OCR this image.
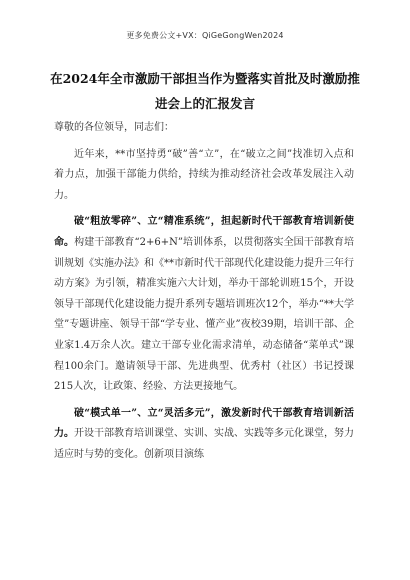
更多免费公文+VX：QiGeGongWen2024
在2024年全市激励干部担当作为暨落实首批及时激励推进会上的汇报发言

尊敬的各位领导，同志们：

近年来，**市坚持勇“破”善“立”，在“破立之间”找准切入点和着力点，加强干部能力供给，持续为推动经济社会改革发展注入动力。

破“粗放零碎”、立“精准系统”，担起新时代干部教育培训新使命。构建干部教育“2+6+N”培训体系，以贯彻落实全国干部教育培训规划《实施办法》和《**市新时代干部现代化建设能力提升三年行动方案》为引领，精准实施六大计划，举办干部轮训班15个，开设领导干部现代化建设能力提升系列专题培训班次12个，举办“**大学堂”专题讲座、领导干部“学专业、懂产业”夜校39期，培训干部、企业家1.4万余人次。建立干部专业化需求清单，动态储备“菜单式”课程100余门。邀请领导干部、先进典型、优秀村（社区）书记授课215人次，让政策、经验、方法更接地气。

破“模式单一”、立“灵活多元”，激发新时代干部教育培训新活力。开设干部教育培训课堂、实训、实战、实践等多元化课堂，努力适应时与势的变化。创新项目演练
